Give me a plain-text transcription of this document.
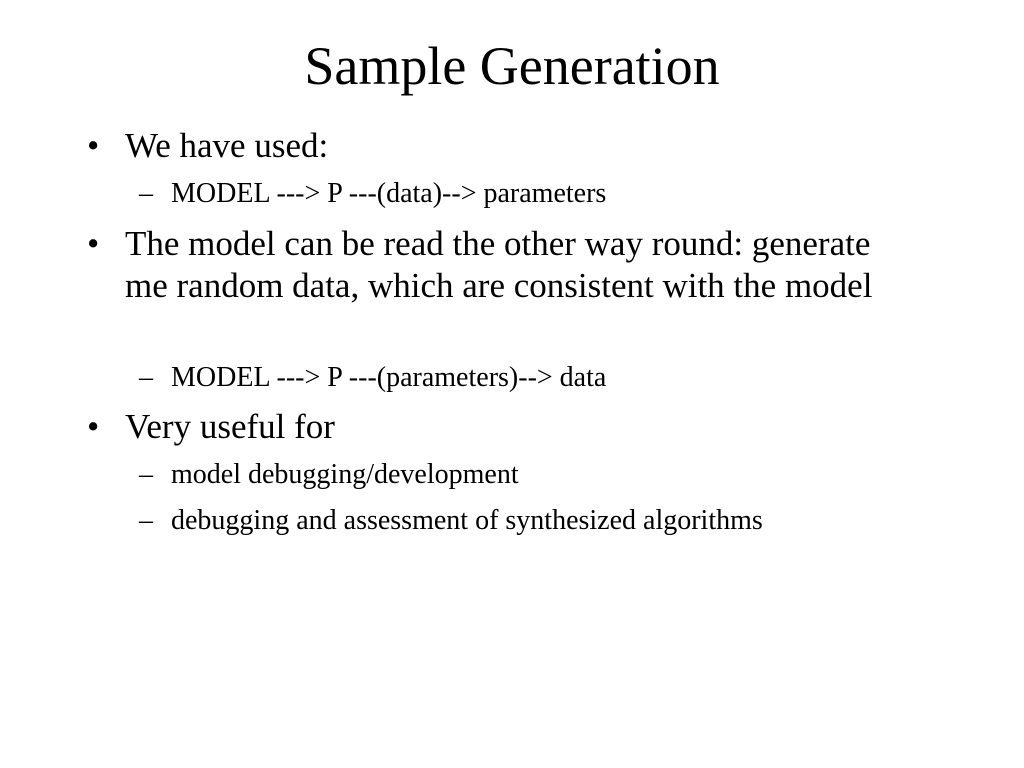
Sample Generation
• We have used:
– MODEL ---> P ---(data)--> parameters
• The model can be read the other way round: generate me random data, which are consistent with the model
– MODEL ---> P ---(parameters)--> data
• Very useful for
– model debugging/development
– debugging and assessment of synthesized algorithms
